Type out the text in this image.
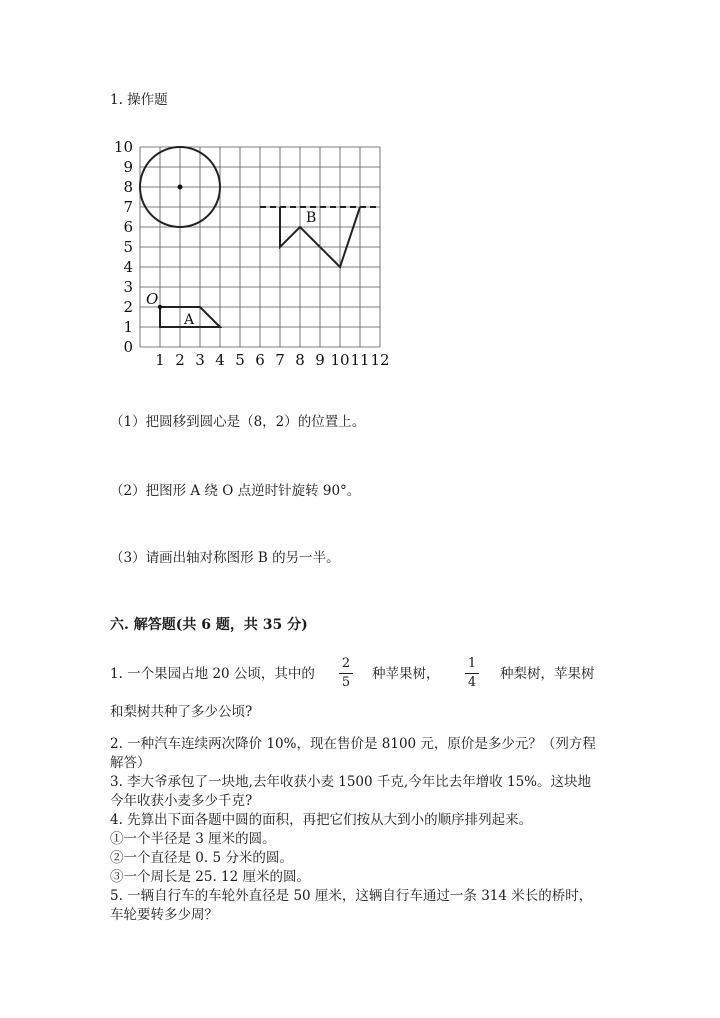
1. 操作题
0
1
2
3
4
5
6
7
8
9
10
1 2 3 4 5 6 7 8 9 10 11 12
O
A
B
（1）把圆移到圆心是（8，2）的位置上。
（2）把图形 A 绕 O 点逆时针旋转 90°。
（3）请画出轴对称图形 B 的另一半。
六. 解答题(共 6 题，共 35 分)
1. 一个果园占地 20 公顷，其中的
2
5
种苹果树，
1
4
种梨树，苹果树
和梨树共种了多少公顷?
2. 一种汽车连续两次降价 10%，现在售价是 8100 元，原价是多少元？（列方程
解答）
3. 李大爷承包了一块地,去年收获小麦 1500 千克,今年比去年增收 15%。这块地
今年收获小麦多少千克?
4. 先算出下面各题中圆的面积，再把它们按从大到小的顺序排列起来。
①一个半径是 3 厘米的圆。
②一个直径是 0. 5 分米的圆。
③一个周长是 25. 12 厘米的圆。
5. 一辆自行车的车轮外直径是 50 厘米，这辆自行车通过一条 314 米长的桥时，
车轮要转多少周？
